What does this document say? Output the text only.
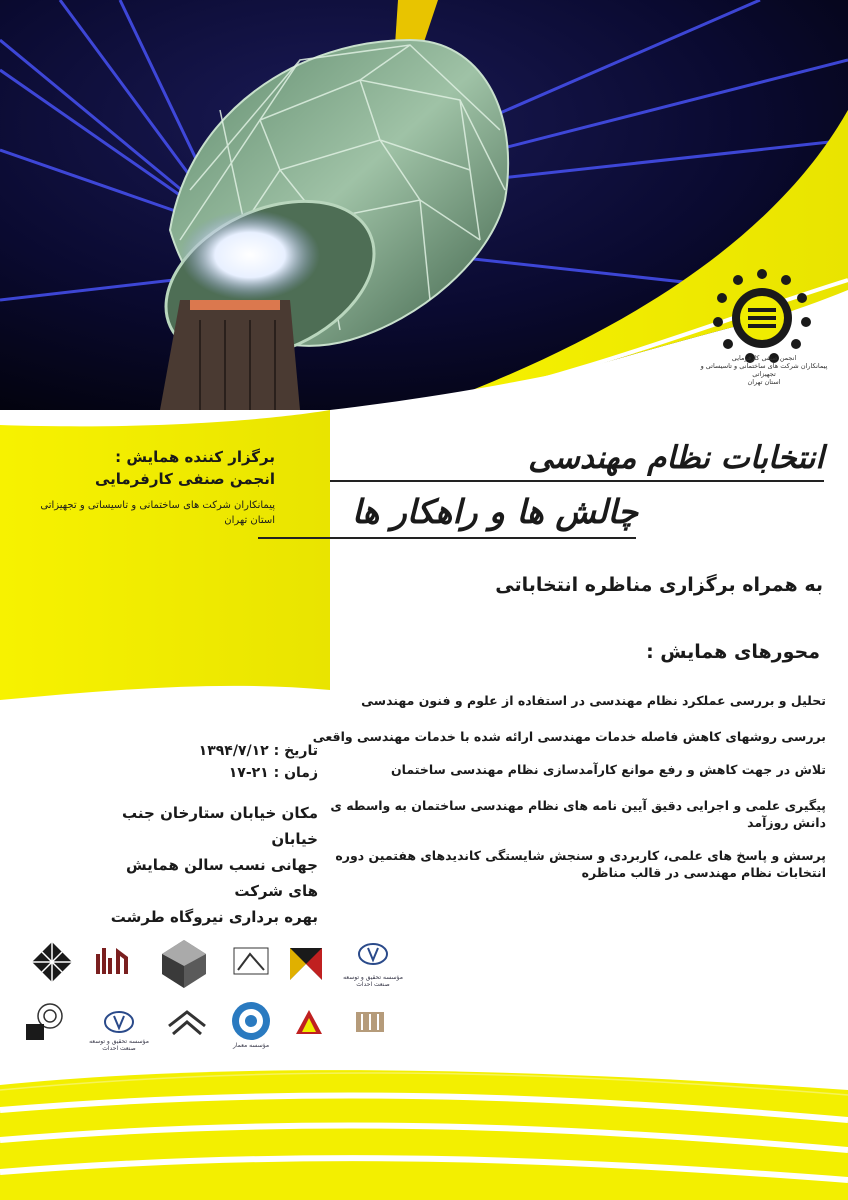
انجمن صنفی کارفرمایی
پیمانکاران شرکت های ساختمانی و تاسیساتی و تجهیزاتی
استان تهران
برگزار کننده همایش :
انجمن صنفی کارفرمایی
پیمانکاران شرکت های ساختمانی و تاسیساتی و تجهیزاتی
استان تهران
انتخابات نظام مهندسی
چالش ها و راهکار ها
به همراه برگزاری مناظره انتخاباتی
محورهای همایش :
تحلیل و بررسی عملکرد نظام مهندسی در استفاده از علوم و فنون مهندسی
بررسی روشهای کاهش فاصله خدمات مهندسی ارائه شده با خدمات مهندسی واقعی
تلاش در جهت کاهش و رفع موانع کارآمدسازی نظام مهندسی ساختمان
پیگیری علمی و اجرایی دقیق آیین نامه های نظام مهندسی ساختمان به واسطه ی دانش روزآمد
پرسش و پاسخ های علمی، کاربردی و سنجش شایستگی کاندیدهای هفتمین دوره انتخابات نظام مهندسی در قالب مناظره
تاریخ : ۱۳۹۴/۷/۱۲
زمان : ۲۱-۱۷
مکان خیابان ستارخان جنب خیابان
جهانی نسب سالن همایش های شرکت
بهره برداری نیروگاه طرشت
مؤسسه تحقیق و توسعه صنعت احداث
مؤسسه معمار
مؤسسه تحقیق و توسعه صنعت احداث
معمار
